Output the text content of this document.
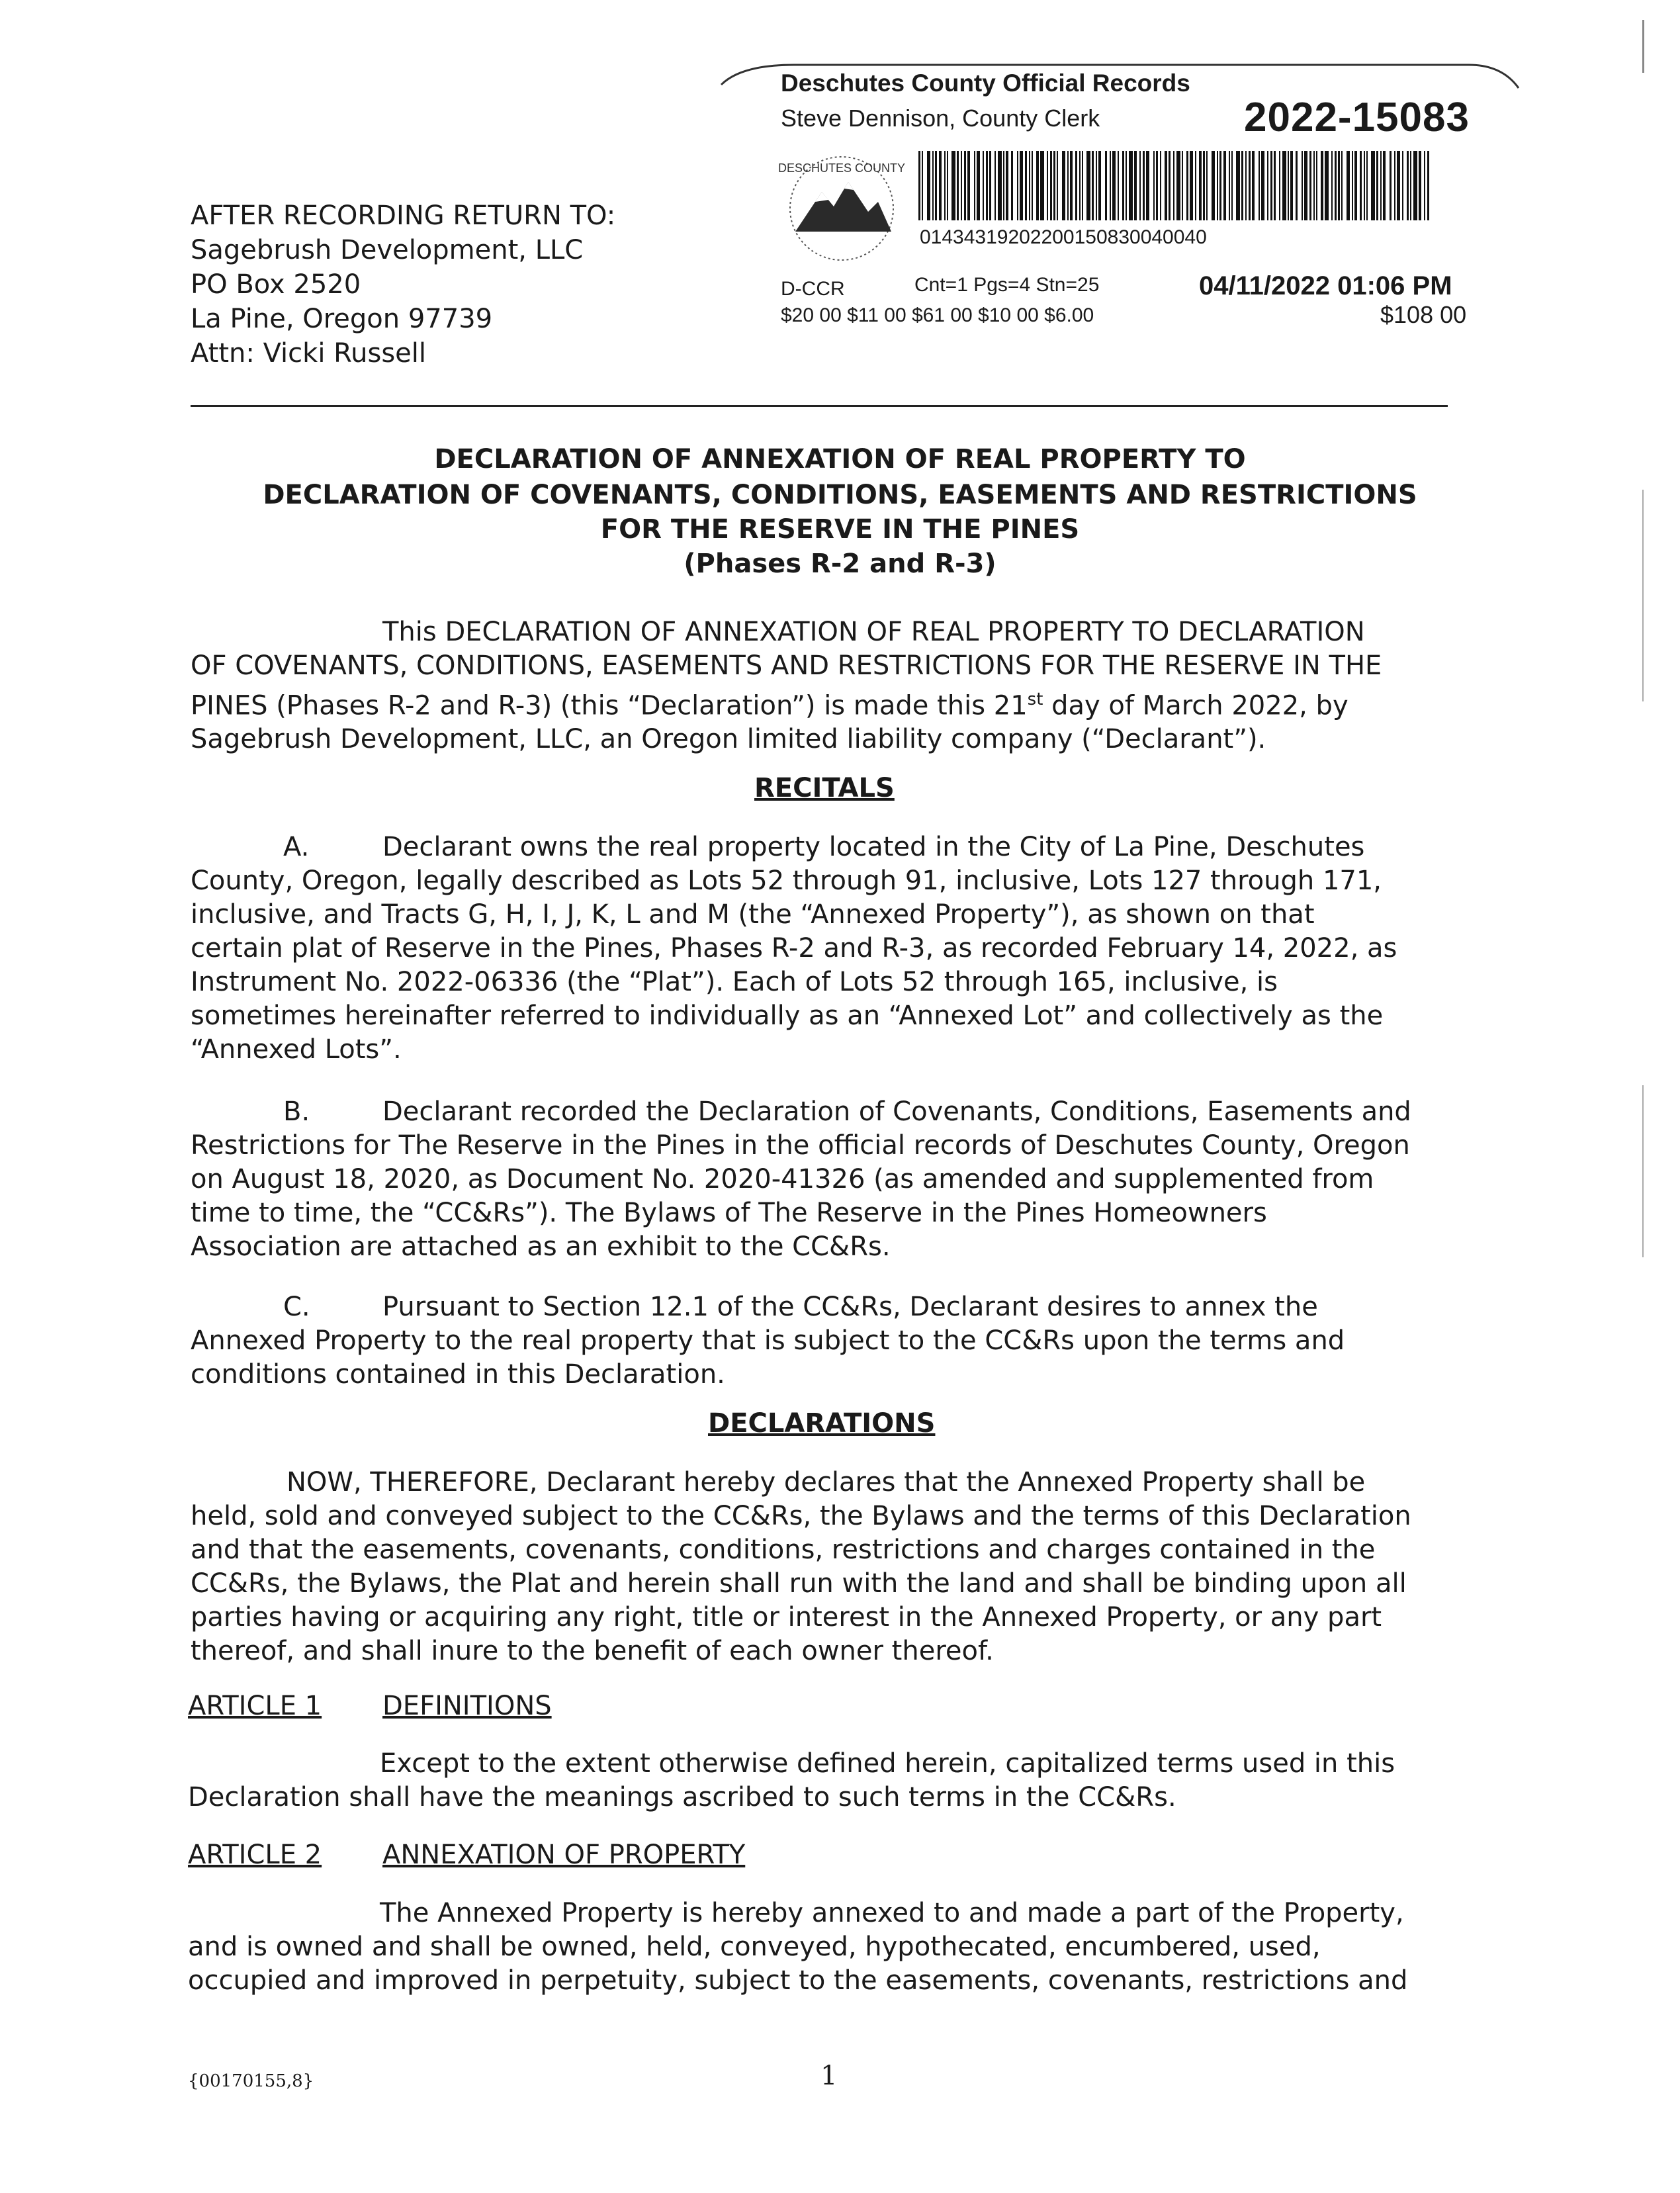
AFTER RECORDING RETURN TO:
Sagebrush Development, LLC
PO Box 2520
La Pine, Oregon 97739
Attn: Vicki Russell
Deschutes County Official Records
Steve Dennison, County Clerk	2022-15083
DESCHUTES COUNTY
01434319202200150830040040
D-CCR	Cnt=1 Pgs=4 Stn=25
$20 00 $11 00 $61 00 $10 00 $6.00
04/11/2022 01:06 PM
$108 00
DECLARATION OF ANNEXATION OF REAL PROPERTY TO
DECLARATION OF COVENANTS, CONDITIONS, EASEMENTS AND RESTRICTIONS
FOR THE RESERVE IN THE PINES
(Phases R-2 and R-3)
This DECLARATION OF ANNEXATION OF REAL PROPERTY TO DECLARATION
OF COVENANTS, CONDITIONS, EASEMENTS AND RESTRICTIONS FOR THE RESERVE IN THE
PINES (Phases R-2 and R-3) (this “Declaration”) is made this 21st day of March 2022, by
Sagebrush Development, LLC, an Oregon limited liability company (“Declarant”).
RECITALS
A.	Declarant owns the real property located in the City of La Pine, Deschutes
County, Oregon, legally described as Lots 52 through 91, inclusive, Lots 127 through 171,
inclusive, and Tracts G, H, I, J, K, L and M (the “Annexed Property”), as shown on that
certain plat of Reserve in the Pines, Phases R-2 and R-3, as recorded February 14, 2022, as
Instrument No. 2022-06336 (the “Plat”). Each of Lots 52 through 165, inclusive, is
sometimes hereinafter referred to individually as an “Annexed Lot” and collectively as the
“Annexed Lots”.
B.	Declarant recorded the Declaration of Covenants, Conditions, Easements and
Restrictions for The Reserve in the Pines in the official records of Deschutes County, Oregon
on August 18, 2020, as Document No. 2020-41326 (as amended and supplemented from
time to time, the “CC&Rs”). The Bylaws of The Reserve in the Pines Homeowners
Association are attached as an exhibit to the CC&Rs.
C.	Pursuant to Section 12.1 of the CC&Rs, Declarant desires to annex the
Annexed Property to the real property that is subject to the CC&Rs upon the terms and
conditions contained in this Declaration.
DECLARATIONS
NOW, THEREFORE, Declarant hereby declares that the Annexed Property shall be
held, sold and conveyed subject to the CC&Rs, the Bylaws and the terms of this Declaration
and that the easements, covenants, conditions, restrictions and charges contained in the
CC&Rs, the Bylaws, the Plat and herein shall run with the land and shall be binding upon all
parties having or acquiring any right, title or interest in the Annexed Property, or any part
thereof, and shall inure to the benefit of each owner thereof.
ARTICLE 1 DEFINITIONS
Except to the extent otherwise defined herein, capitalized terms used in this
Declaration shall have the meanings ascribed to such terms in the CC&Rs.
ARTICLE 2 ANNEXATION OF PROPERTY
The Annexed Property is hereby annexed to and made a part of the Property,
and is owned and shall be owned, held, conveyed, hypothecated, encumbered, used,
occupied and improved in perpetuity, subject to the easements, covenants, restrictions and
{00170155,8}	1
